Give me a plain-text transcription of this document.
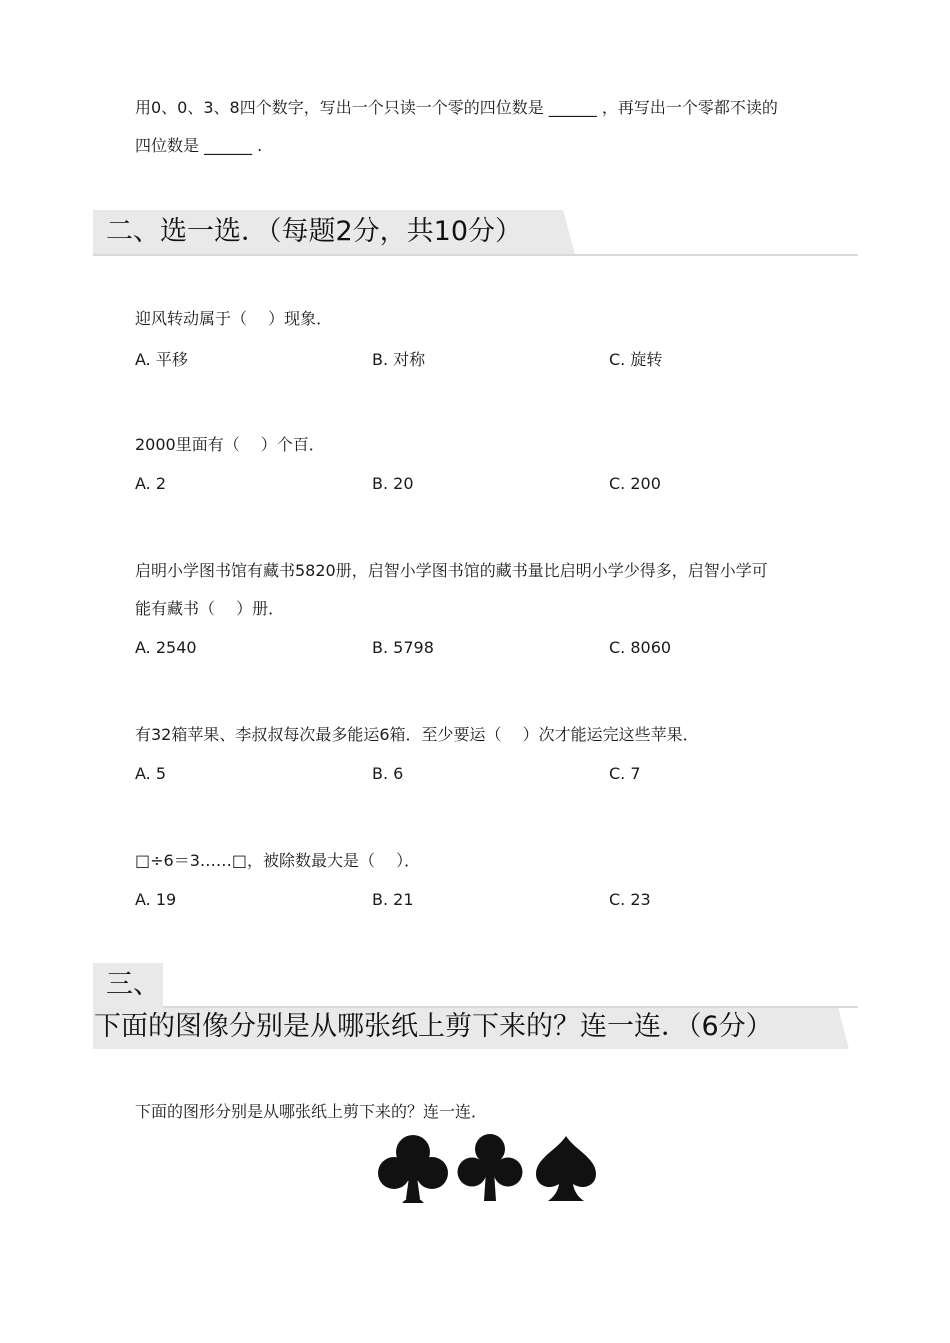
用0、0、3、8四个数字，写出一个只读一个零的四位数是 ______ ，再写出一个零都不读的
四位数是 ______ .
二、选一选．（每题2分，共10分）
迎风转动属于（　 ）现象．
A. 平移	B. 对称	C. 旋转
2000里面有（　 ）个百．
A. 2	B. 20	C. 200
启明小学图书馆有藏书5820册，启智小学图书馆的藏书量比启明小学少得多，启智小学可
能有藏书（　 ）册．
A. 2540	B. 5798	C. 8060
有32箱苹果、李叔叔每次最多能运6箱．至少要运（　 ）次才能运完这些苹果．
A. 5	B. 6	C. 7
□÷6＝3……□，被除数最大是（　 ）．
A. 19	B. 21	C. 23
三、
下面的图像分别是从哪张纸上剪下来的？连一连．（6分）
下面的图形分别是从哪张纸上剪下来的？连一连．
